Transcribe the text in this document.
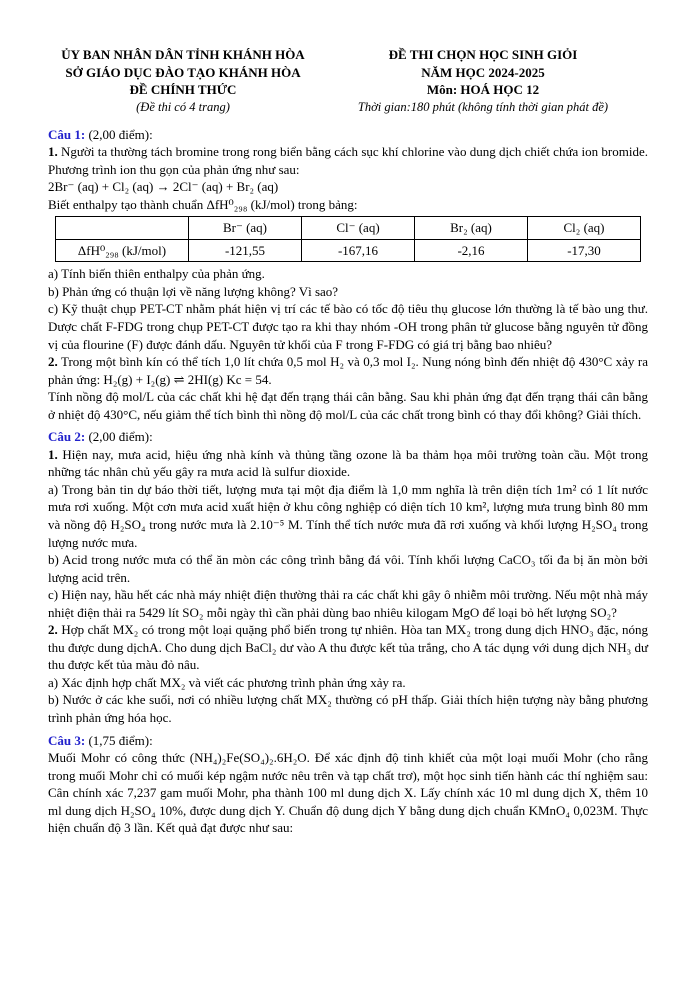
ỦY BAN NHÂN DÂN TỈNH KHÁNH HÒA
SỞ GIÁO DỤC ĐÀO TẠO KHÁNH HÒA
ĐỀ CHÍNH THỨC
(Đề thi có 4 trang)
ĐỀ THI CHỌN HỌC SINH GIỎI
NĂM HỌC 2024-2025
Môn: HOÁ HỌC 12
Thời gian:180 phút (không tính thời gian phát đề)

Câu 1: (2,00 điểm):

1. Người ta thường tách bromine trong rong biển bằng cách sục khí chlorine vào dung dịch chiết chứa ion bromide. Phương trình ion thu gọn của phản ứng như sau:

2Br⁻ (aq) + Cl₂ (aq) → 2Cl⁻ (aq) + Br₂ (aq)

Biết enthalpy tạo thành chuẩn ΔfH⁰₂₉₈ (kJ/mol) trong bảng:

	Br⁻ (aq)	Cl⁻ (aq)	Br₂ (aq)	Cl₂ (aq)
ΔfH⁰₂₉₈ (kJ/mol)	-121,55	-167,16	-2,16	-17,30

a) Tính biến thiên enthalpy của phản ứng.

b) Phản ứng có thuận lợi về năng lượng không? Vì sao?

c) Kỹ thuật chụp PET-CT nhằm phát hiện vị trí các tế bào có tốc độ tiêu thụ glucose lớn thường là tế bào ung thư. Dược chất F-FDG trong chụp PET-CT được tạo ra khi thay nhóm -OH trong phân tử glucose bằng nguyên tử đồng vị của flourine (F) được đánh dấu. Nguyên tử khối của F trong F-FDG có giá trị bằng bao nhiêu?

2. Trong một bình kín có thể tích 1,0 lít chứa 0,5 mol H₂ và 0,3 mol I₂. Nung nóng bình đến nhiệt độ 430°C xảy ra phản ứng: H₂(g) + I₂(g) ⇌ 2HI(g) Kc = 54.

Tính nồng độ mol/L của các chất khi hệ đạt đến trạng thái cân bằng. Sau khi phản ứng đạt đến trạng thái cân bằng ở nhiệt độ 430°C, nếu giảm thể tích bình thì nồng độ mol/L của các chất trong bình có thay đổi không? Giải thích.

Câu 2: (2,00 điểm):

1. Hiện nay, mưa acid, hiệu ứng nhà kính và thủng tầng ozone là ba thảm họa môi trường toàn cầu. Một trong những tác nhân chủ yếu gây ra mưa acid là sulfur dioxide.

a) Trong bản tin dự báo thời tiết, lượng mưa tại một địa điểm là 1,0 mm nghĩa là trên diện tích 1m² có 1 lít nước mưa rơi xuống. Một cơn mưa acid xuất hiện ở khu công nghiệp có diện tích 10 km², lượng mưa trung bình 80 mm và nồng độ H₂SO₄ trong nước mưa là 2.10⁻⁵ M. Tính thể tích nước mưa đã rơi xuống và khối lượng H₂SO₄ trong lượng nước mưa.

b) Acid trong nước mưa có thể ăn mòn các công trình bằng đá vôi. Tính khối lượng CaCO₃ tối đa bị ăn mòn bởi lượng acid trên.

c) Hiện nay, hầu hết các nhà máy nhiệt điện thường thải ra các chất khi gây ô nhiễm môi trường. Nếu một nhà máy nhiệt điện thải ra 5429 lít SO₂ mỗi ngày thì cần phải dùng bao nhiêu kilogam MgO để loại bỏ hết lượng SO₂?

2. Hợp chất MX₂ có trong một loại quặng phổ biến trong tự nhiên. Hòa tan MX₂ trong dung dịch HNO₃ đặc, nóng thu được dung dịchA. Cho dung dịch BaCl₂ dư vào A thu được kết tủa trắng, cho A tác dụng với dung dịch NH₃ dư thu được kết tủa màu đỏ nâu.

a) Xác định hợp chất MX₂ và viết các phương trình phản ứng xảy ra.

b) Nước ở các khe suối, nơi có nhiều lượng chất MX₂ thường có pH thấp. Giải thích hiện tượng này bằng phương trình phản ứng hóa học.

Câu 3: (1,75 điểm):

Muối Mohr có công thức (NH₄)₂Fe(SO₄)₂.6H₂O. Để xác định độ tinh khiết của một loại muối Mohr (cho rằng trong muối Mohr chỉ có muối kép ngậm nước nêu trên và tạp chất trơ), một học sinh tiến hành các thí nghiệm sau: Cân chính xác 7,237 gam muối Mohr, pha thành 100 ml dung dịch X. Lấy chính xác 10 ml dung dịch X, thêm 10 ml dung dịch H₂SO₄ 10%, được dung dịch Y. Chuẩn độ dung dịch Y bằng dung dịch chuẩn KMnO₄ 0,023M. Thực hiện chuẩn độ 3 lần. Kết quả đạt được như sau:
